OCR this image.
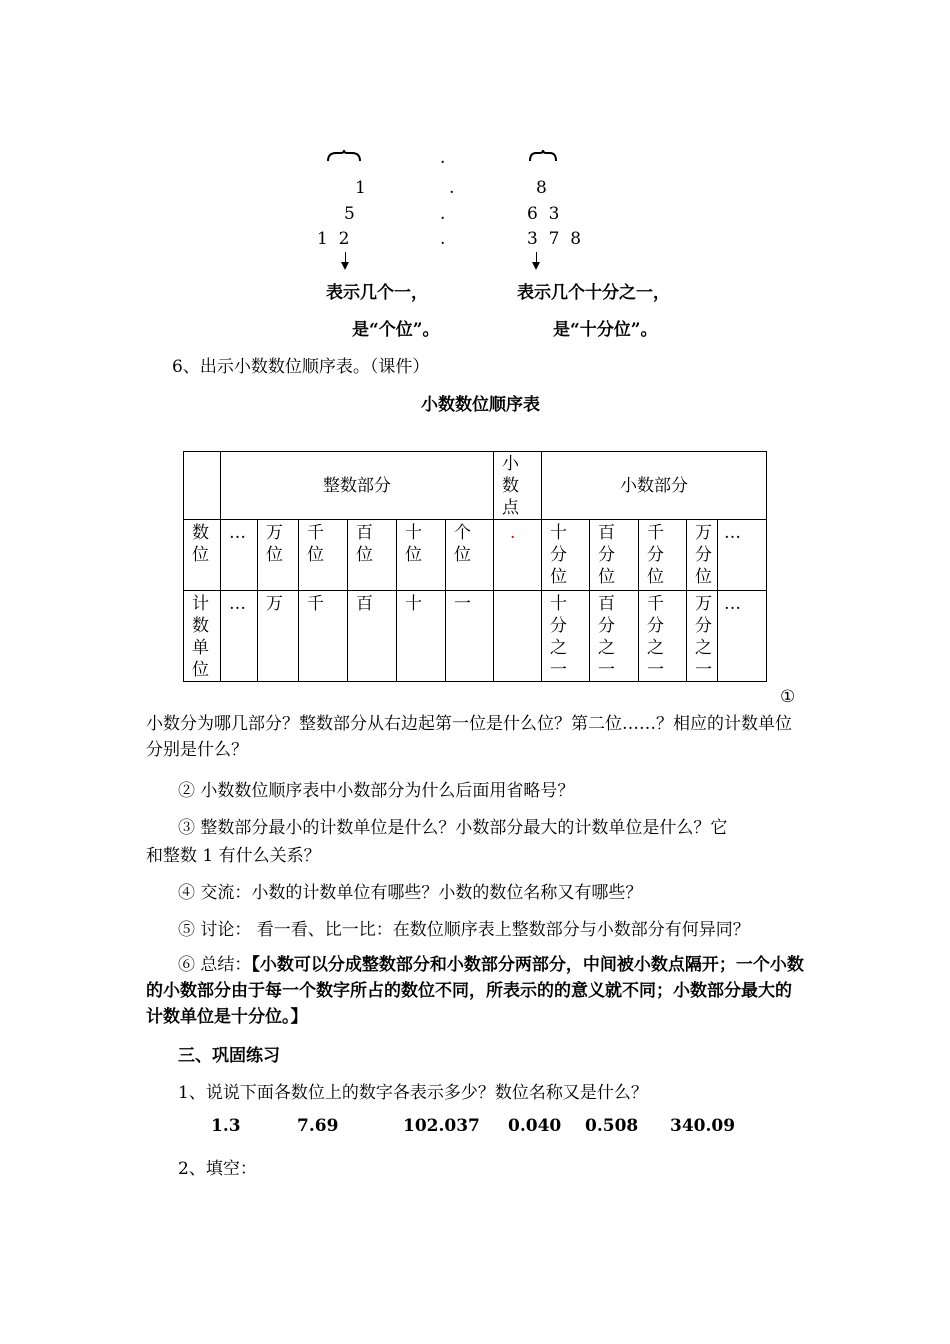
.
1	.	8
5	.	6  3
1  2	.	3  7  8
表示几个一，	表示几个十分之一，
是“个位”。	是“十分位”。
6、出示小数数位顺序表。（课件）
小数数位顺序表
	整数部分						小数点	小数部分				

数位	…	万位	千位	百位	十位	个位	.	十分位	百分位	千分位	万分位	…

计数单位	…	万	千	百	十	一		十分之一	百分之一	千分之一	万分之一	…
①
小数分为哪几部分？整数部分从右边起第一位是什么位？第二位……？相应的计数单位分别是什么？
② 小数数位顺序表中小数部分为什么后面用省略号？
③ 整数部分最小的计数单位是什么？小数部分最大的计数单位是什么？它
和整数 1 有什么关系？
④ 交流：小数的计数单位有哪些？小数的数位名称又有哪些？
⑤ 讨论： 看一看、比一比：在数位顺序表上整数部分与小数部分有何异同？
⑥ 总结：【小数可以分成整数部分和小数部分两部分，中间被小数点隔开；一个小数的小数部分由于每一个数字所占的数位不同，所表示的的意义就不同；小数部分最大的计数单位是十分位。】
三、巩固练习
1、说说下面各数位上的数字各表示多少？数位名称又是什么？
1.3	7.69	102.037 0.040 0.508 340.09
2、填空：
